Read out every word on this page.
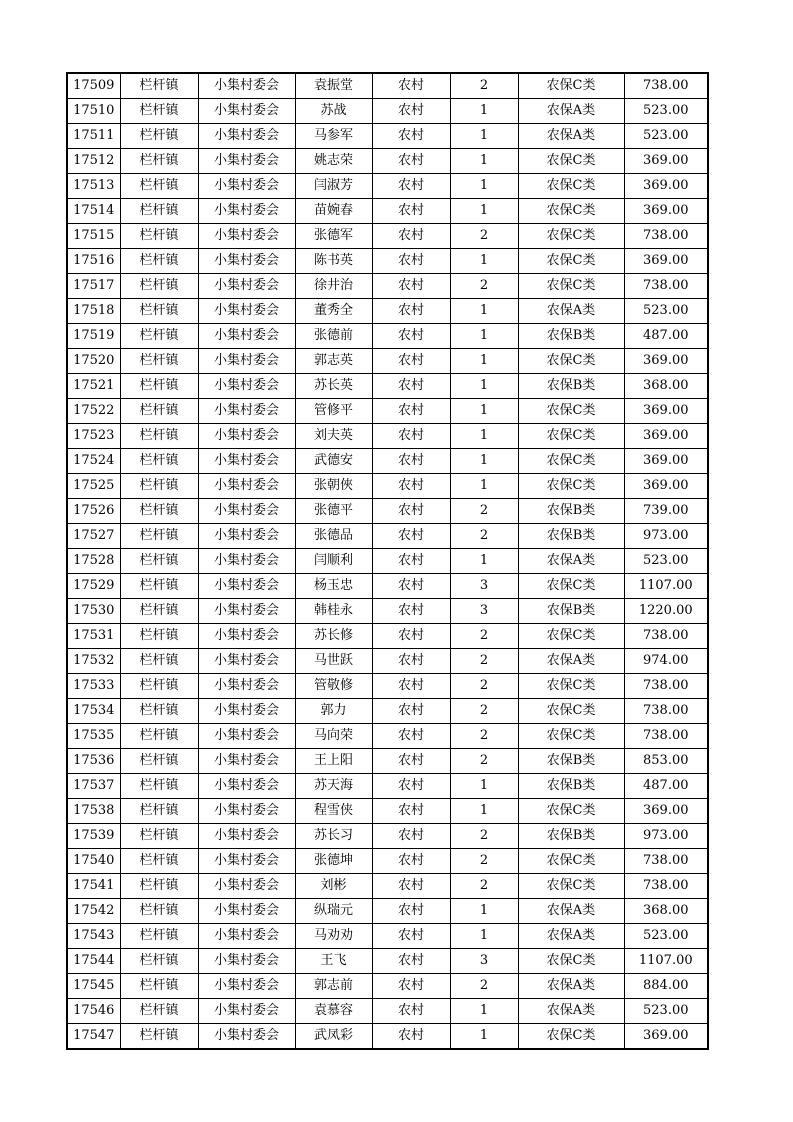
17509	栏杆镇	小集村委会	袁振堂	农村	2	农保C类	738.00
17510	栏杆镇	小集村委会	苏战	农村	1	农保A类	523.00
17511	栏杆镇	小集村委会	马参军	农村	1	农保A类	523.00
17512	栏杆镇	小集村委会	姚志荣	农村	1	农保C类	369.00
17513	栏杆镇	小集村委会	闫淑芳	农村	1	农保C类	369.00
17514	栏杆镇	小集村委会	苗婉春	农村	1	农保C类	369.00
17515	栏杆镇	小集村委会	张德军	农村	2	农保C类	738.00
17516	栏杆镇	小集村委会	陈书英	农村	1	农保C类	369.00
17517	栏杆镇	小集村委会	徐井治	农村	2	农保C类	738.00
17518	栏杆镇	小集村委会	董秀全	农村	1	农保A类	523.00
17519	栏杆镇	小集村委会	张德前	农村	1	农保B类	487.00
17520	栏杆镇	小集村委会	郭志英	农村	1	农保C类	369.00
17521	栏杆镇	小集村委会	苏长英	农村	1	农保B类	368.00
17522	栏杆镇	小集村委会	管修平	农村	1	农保C类	369.00
17523	栏杆镇	小集村委会	刘夫英	农村	1	农保C类	369.00
17524	栏杆镇	小集村委会	武德安	农村	1	农保C类	369.00
17525	栏杆镇	小集村委会	张朝俠	农村	1	农保C类	369.00
17526	栏杆镇	小集村委会	张德平	农村	2	农保B类	739.00
17527	栏杆镇	小集村委会	张德品	农村	2	农保B类	973.00
17528	栏杆镇	小集村委会	闫顺利	农村	1	农保A类	523.00
17529	栏杆镇	小集村委会	杨玉忠	农村	3	农保C类	1107.00
17530	栏杆镇	小集村委会	韩桂永	农村	3	农保B类	1220.00
17531	栏杆镇	小集村委会	苏长修	农村	2	农保C类	738.00
17532	栏杆镇	小集村委会	马世跃	农村	2	农保A类	974.00
17533	栏杆镇	小集村委会	管敬修	农村	2	农保C类	738.00
17534	栏杆镇	小集村委会	郭力	农村	2	农保C类	738.00
17535	栏杆镇	小集村委会	马向荣	农村	2	农保C类	738.00
17536	栏杆镇	小集村委会	王上阳	农村	2	农保B类	853.00
17537	栏杆镇	小集村委会	苏天海	农村	1	农保B类	487.00
17538	栏杆镇	小集村委会	程雪侠	农村	1	农保C类	369.00
17539	栏杆镇	小集村委会	苏长习	农村	2	农保B类	973.00
17540	栏杆镇	小集村委会	张德坤	农村	2	农保C类	738.00
17541	栏杆镇	小集村委会	刘彬	农村	2	农保C类	738.00
17542	栏杆镇	小集村委会	纵瑞元	农村	1	农保A类	368.00
17543	栏杆镇	小集村委会	马劝劝	农村	1	农保A类	523.00
17544	栏杆镇	小集村委会	王飞	农村	3	农保C类	1107.00
17545	栏杆镇	小集村委会	郭志前	农村	2	农保A类	884.00
17546	栏杆镇	小集村委会	袁慕容	农村	1	农保A类	523.00
17547	栏杆镇	小集村委会	武凤彩	农村	1	农保C类	369.00
